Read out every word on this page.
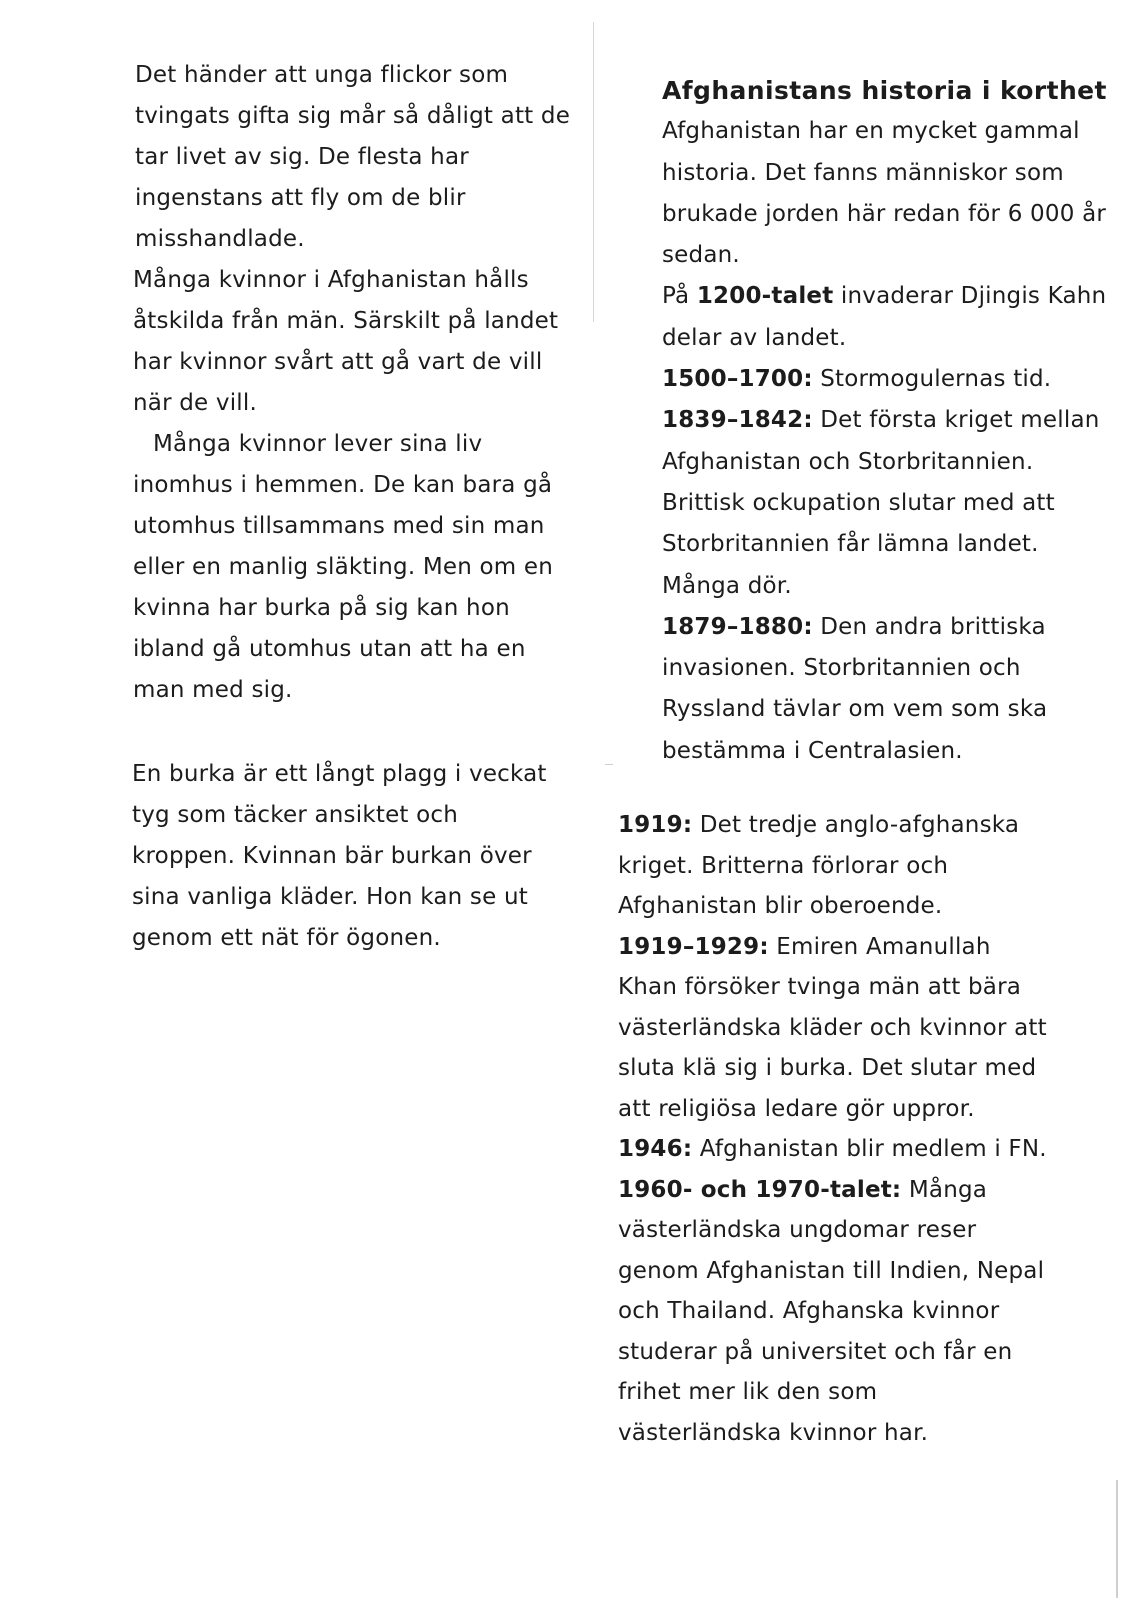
Det händer att unga flickor som tvingats gifta sig mår så dåligt att de tar livet av sig. De flesta har ingenstans att fly om de blir misshandlade.

Många kvinnor i Afghanistan hålls åtskilda från män. Särskilt på landet har kvinnor svårt att gå vart de vill när de vill.

Många kvinnor lever sina liv inomhus i hemmen. De kan bara gå utomhus tillsammans med sin man eller en manlig släkting. Men om en kvinna har burka på sig kan hon ibland gå utomhus utan att ha en man med sig.

En burka är ett långt plagg i veckat tyg som täcker ansiktet och kroppen. Kvinnan bär burkan över sina vanliga kläder. Hon kan se ut genom ett nät för ögonen.

Afghanistans historia i korthet

Afghanistan har en mycket gammal historia. Det fanns människor som brukade jorden här redan för 6 000 år sedan.

På 1200-talet invaderar Djingis Kahn delar av landet.

1500–1700: Stormogulernas tid.

1839–1842: Det första kriget mellan Afghanistan och Storbritannien. Brittisk ockupation slutar med att Storbritannien får lämna landet. Många dör.

1879–1880: Den andra brittiska invasionen. Storbritannien och Ryssland tävlar om vem som ska bestämma i Centralasien.

1919: Det tredje anglo-afghanska kriget. Britterna förlorar och Afghanistan blir oberoende.

1919–1929: Emiren Amanullah Khan försöker tvinga män att bära västerländska kläder och kvinnor att sluta klä sig i burka. Det slutar med att religiösa ledare gör uppror.

1946: Afghanistan blir medlem i FN.

1960- och 1970-talet: Många västerländska ungdomar reser genom Afghanistan till Indien, Nepal och Thailand. Afghanska kvinnor studerar på universitet och får en frihet mer lik den som västerländska kvinnor har.
